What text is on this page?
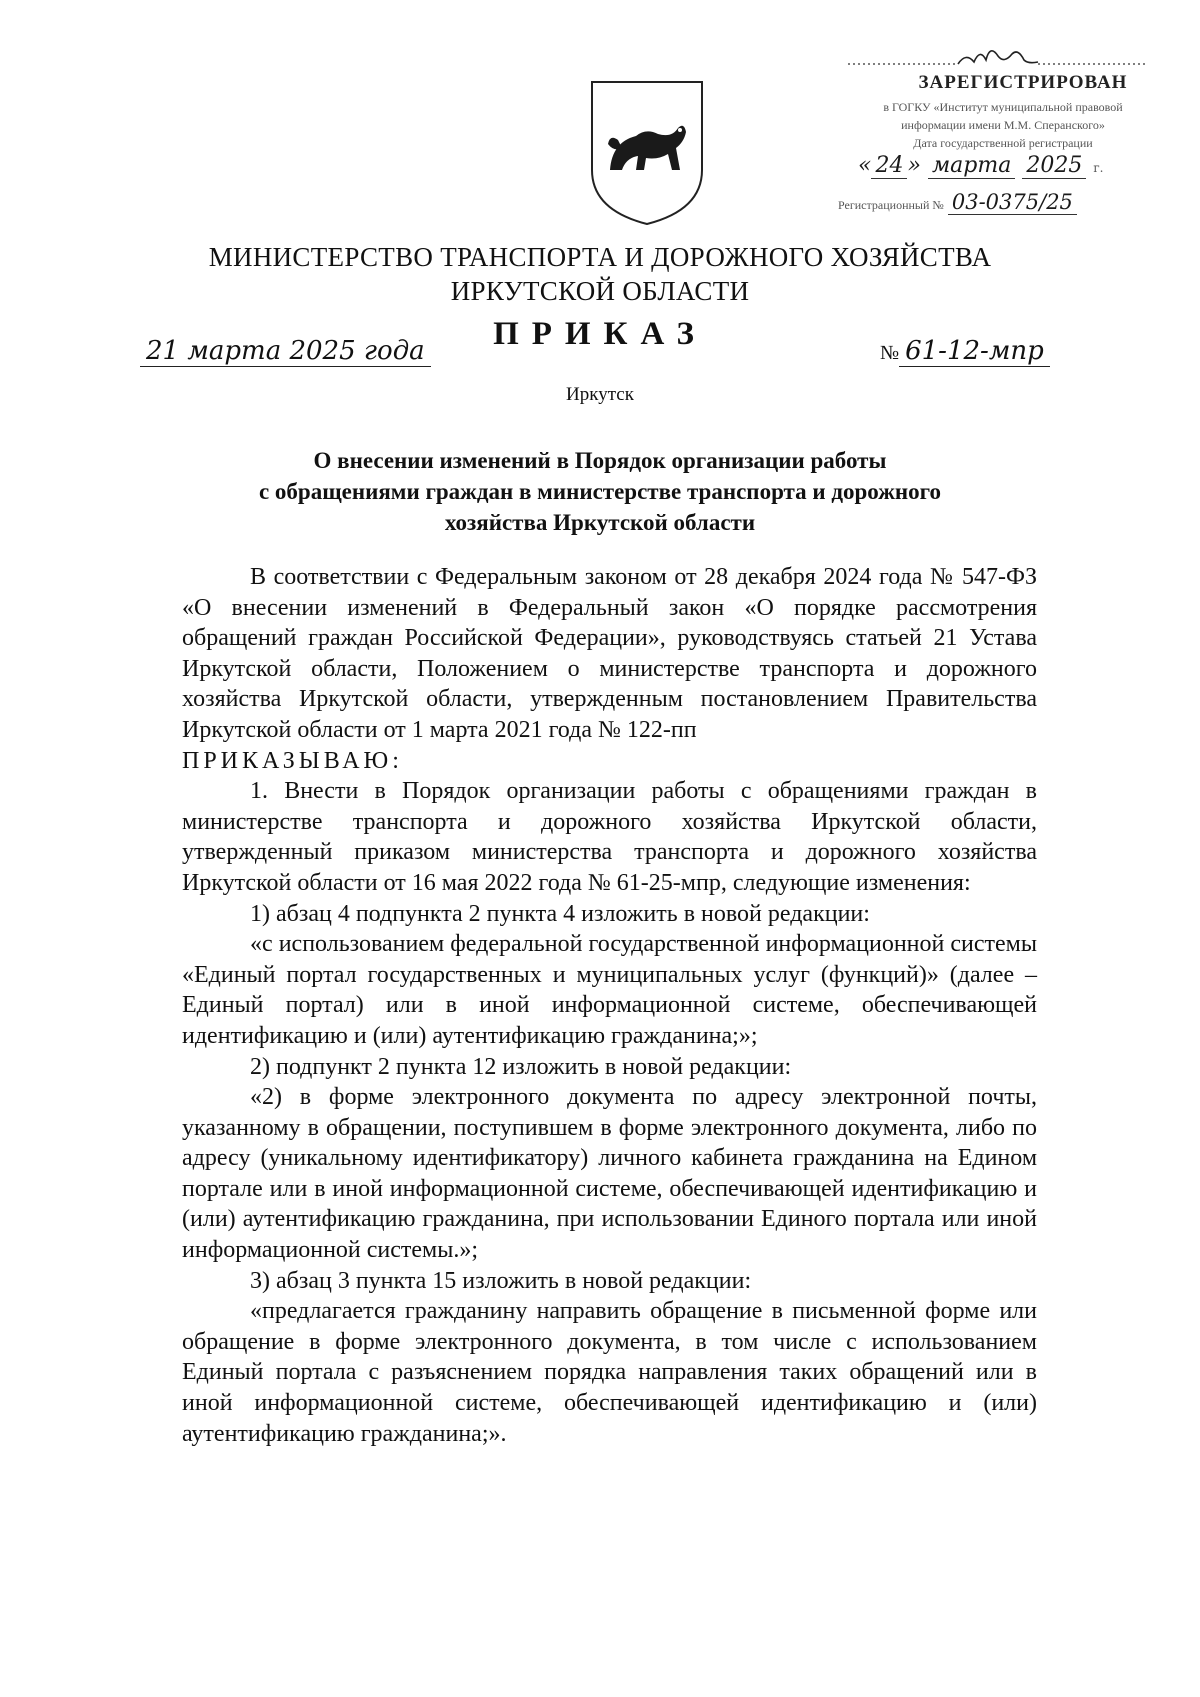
ЗАРЕГИСТРИРОВАН
в ГОГКУ «Институт муниципальной правовой
информации имени М.М. Сперанского»
Дата государственной регистрации
« 24 » марта 2025 г.
Регистрационный № 03-0375/25
МИНИСТЕРСТВО ТРАНСПОРТА И ДОРОЖНОГО ХОЗЯЙСТВА
ИРКУТСКОЙ ОБЛАСТИ
ПРИКАЗ
21 марта 2025 года	№ 61-12-мпр
Иркутск
О внесении изменений в Порядок организации работы
с обращениями граждан в министерстве транспорта и дорожного
хозяйства Иркутской области

В соответствии с Федеральным законом от 28 декабря 2024 года № 547-ФЗ «О внесении изменений в Федеральный закон «О порядке рассмотрения обращений граждан Российской Федерации», руководствуясь статьей 21 Устава Иркутской области, Положением о министерстве транспорта и дорожного хозяйства Иркутской области, утвержденным постановлением Правительства Иркутской области от 1 марта 2021 года № 122-пп

ПРИКАЗЫВАЮ:

1. Внести в Порядок организации работы с обращениями граждан в министерстве транспорта и дорожного хозяйства Иркутской области, утвержденный приказом министерства транспорта и дорожного хозяйства Иркутской области от 16 мая 2022 года № 61-25-мпр, следующие изменения:

1) абзац 4 подпункта 2 пункта 4 изложить в новой редакции:

«с использованием федеральной государственной информационной системы «Единый портал государственных и муниципальных услуг (функций)» (далее – Единый портал) или в иной информационной системе, обеспечивающей идентификацию и (или) аутентификацию гражданина;»;

2) подпункт 2 пункта 12 изложить в новой редакции:

«2) в форме электронного документа по адресу электронной почты, указанному в обращении, поступившем в форме электронного документа, либо по адресу (уникальному идентификатору) личного кабинета гражданина на Едином портале или в иной информационной системе, обеспечивающей идентификацию и (или) аутентификацию гражданина, при использовании Единого портала или иной информационной системы.»;

3) абзац 3 пункта 15 изложить в новой редакции:

«предлагается гражданину направить обращение в письменной форме или обращение в форме электронного документа, в том числе с использованием Единый портала с разъяснением порядка направления таких обращений или в иной информационной системе, обеспечивающей идентификацию и (или) аутентификацию гражданина;».
